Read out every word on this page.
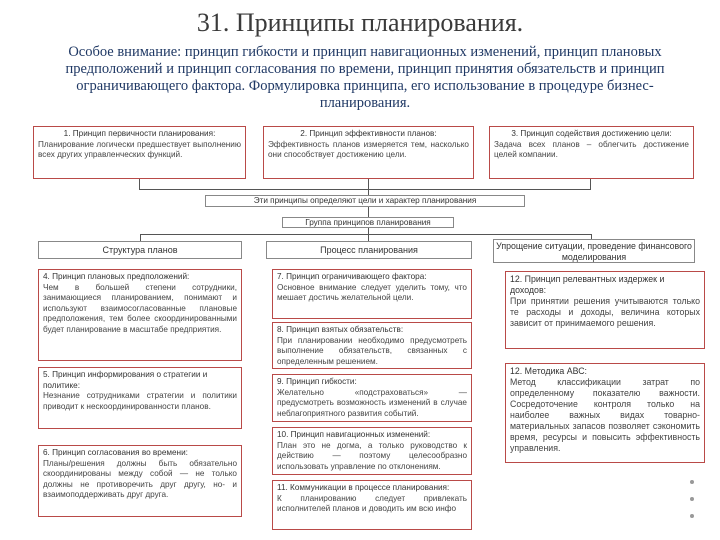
31. Принципы планирования.
Особое внимание: принцип гибкости и принцип навигационных изменений, принцип плановых предположений и принцип согласования по времени, принцип принятия обязательств и принцип ограничивающего фактора. Формулировка принципа, его использование в процедуре бизнес-планирования.
1. Принцип первичности планирования:
Планирование логически предшествует выполнению всех других управленческих функций.
2. Принцип эффективности планов:
Эффективность планов измеряется тем, насколько они способствует достижению цели.
3. Принцип содействия достижению цели:
Задача всех планов – облегчить достижение целей компании.
Эти принципы определяют цели и характер планирования
Группа принципов планирования
Структура планов	Процесс планирования	Упрощение ситуации, проведение финансового моделирования
4. Принцип плановых предположений:
Чем в большей степени сотрудники, занимающиеся планированием, понимают и используют взаимосогласованные плановые предположения, тем более скоординированными будет планирование в масштабе предприятия.
5. Принцип информирования о стратегии и политике:
Незнание сотрудниками стратегии и политики приводит к нескоординированности планов.
6. Принцип согласования во времени:
Планы/решения должны быть обязательно скоординированы между собой — не только должны не противоречить друг другу, но- и взаимоподдерживать друг друга.
7. Принцип ограничивающего фактора:
Основное внимание следует уделить тому, что мешает достичь желательной цели.
8. Принцип взятых обязательств:
При планировании необходимо предусмотреть выполнение обязательств, связанных с определенным решением.
9. Принцип гибкости:
Желательно «подстраховаться» — предусмотреть возможность изменений в случае неблагоприятного развития событий.
10. Принцип навигационных изменений:
План это не догма, а только руководство к действию — поэтому целесообразно использовать управление по отклонениям.
11. Коммуникации в процессе планирования:
К планированию следует привлекать исполнителей планов и доводить им всю инфо
12. Принцип релевантных издержек и доходов:
При принятии решения учитываются только те расходы и доходы, величина которых зависит от принимаемого решения.
12. Методика АВС:
Метод классификации затрат по определенному показателю важности. Сосредоточение контроля только на наиболее важных видах товарно-материальных запасов позволяет сэкономить время, ресурсы и повысить эффективность управления.
